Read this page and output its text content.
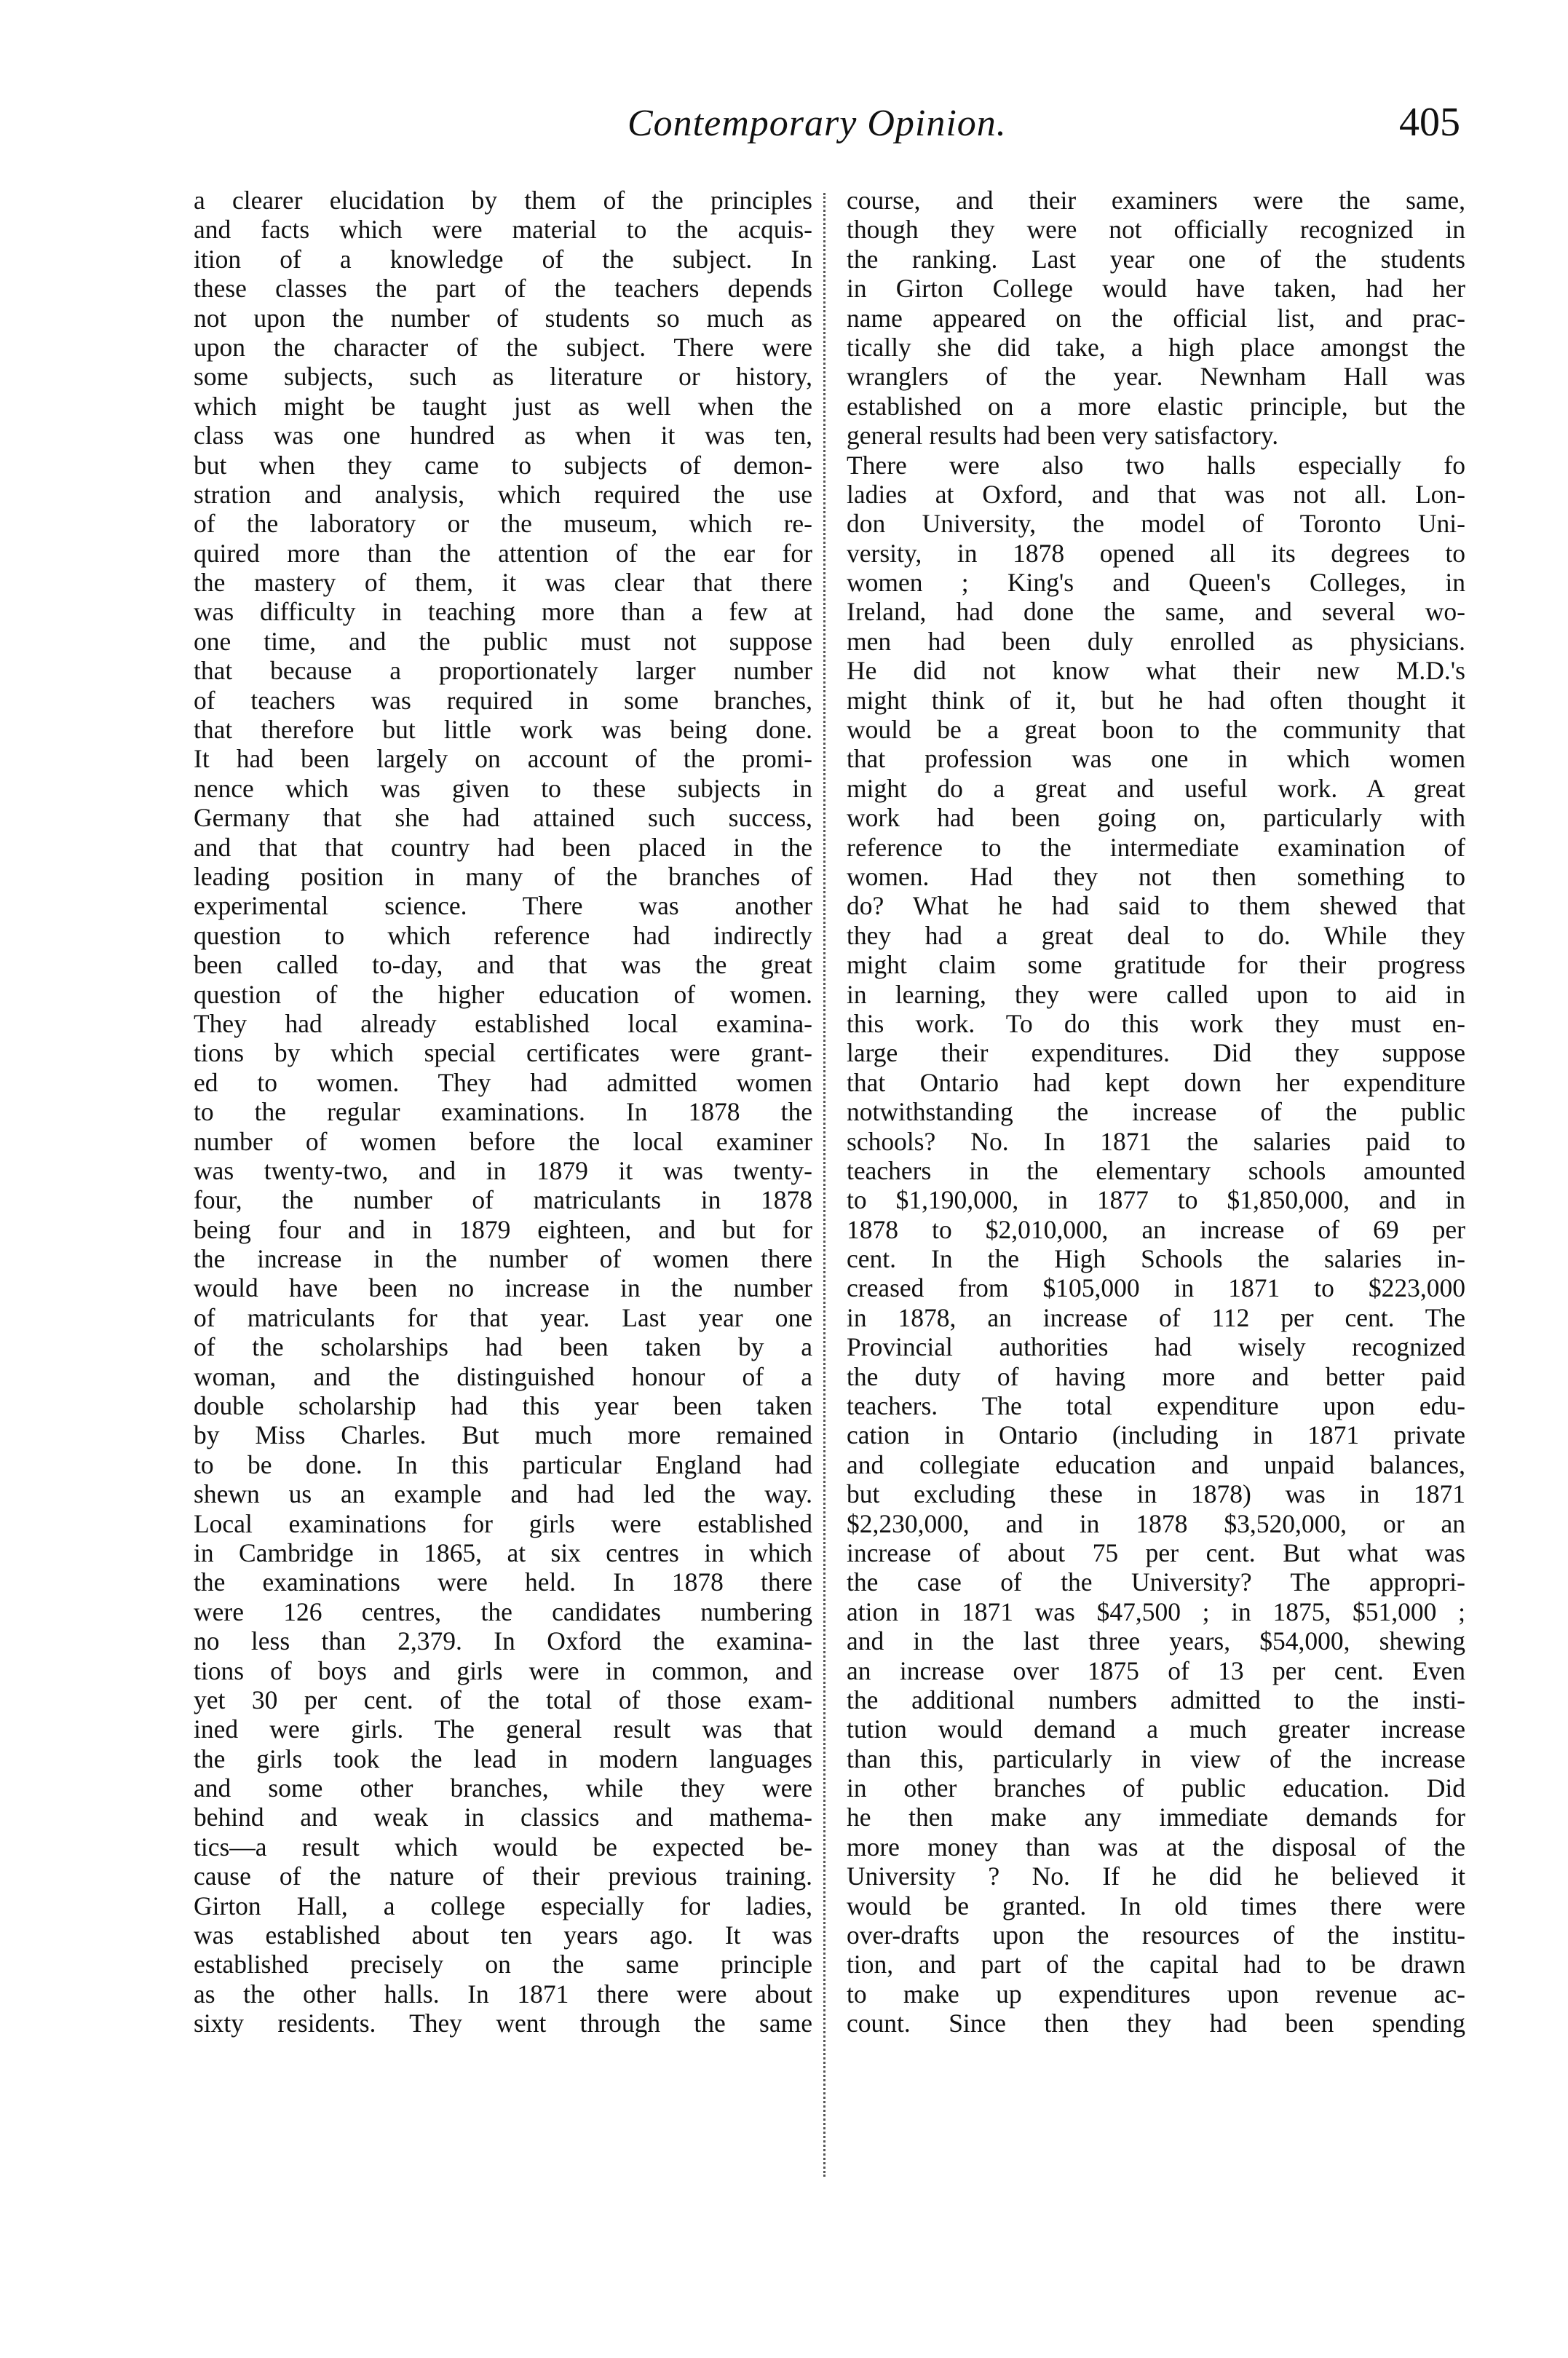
Contemporary Opinion.	405
a clearer elucidation by them of the principles
and facts which were material to the acquis-
ition of a knowledge of the subject. In
these classes the part of the teachers depends
not upon the number of students so much as
upon the character of the subject. There were
some subjects, such as literature or history,
which might be taught just as well when the
class was one hundred as when it was ten,
but when they came to subjects of demon-
stration and analysis, which required the use
of the laboratory or the museum, which re-
quired more than the attention of the ear for
the mastery of them, it was clear that there
was difficulty in teaching more than a few at
one time, and the public must not suppose
that because a proportionately larger number
of teachers was required in some branches,
that therefore but little work was being done.
It had been largely on account of the promi-
nence which was given to these subjects in
Germany that she had attained such success,
and that that country had been placed in the
leading position in many of the branches of
experimental science. There was another
question to which reference had indirectly
been called to-day, and that was the great
question of the higher education of women.
They had already established local examina-
tions by which special certificates were grant-
ed to women. They had admitted women
to the regular examinations. In 1878 the
number of women before the local examiner
was twenty-two, and in 1879 it was twenty-
four, the number of matriculants in 1878
being four and in 1879 eighteen, and but for
the increase in the number of women there
would have been no increase in the number
of matriculants for that year. Last year one
of the scholarships had been taken by a
woman, and the distinguished honour of a
double scholarship had this year been taken
by Miss Charles. But much more remained
to be done. In this particular England had
shewn us an example and had led the way.
Local examinations for girls were established
in Cambridge in 1865, at six centres in which
the examinations were held. In 1878 there
were 126 centres, the candidates numbering
no less than 2,379. In Oxford the examina-
tions of boys and girls were in common, and
yet 30 per cent. of the total of those exam-
ined were girls. The general result was that
the girls took the lead in modern languages
and some other branches, while they were
behind and weak in classics and mathema-
tics—a result which would be expected be-
cause of the nature of their previous training.
Girton Hall, a college especially for ladies,
was established about ten years ago. It was
established precisely on the same principle
as the other halls. In 1871 there were about
sixty residents. They went through the same
course, and their examiners were the same,
though they were not officially recognized in
the ranking. Last year one of the students
in Girton College would have taken, had her
name appeared on the official list, and prac-
tically she did take, a high place amongst the
wranglers of the year. Newnham Hall was
established on a more elastic principle, but the
general results had been very satisfactory.
There were also two halls especially fo
ladies at Oxford, and that was not all. Lon-
don University, the model of Toronto Uni-
versity, in 1878 opened all its degrees to
women ; King's and Queen's Colleges, in
Ireland, had done the same, and several wo-
men had been duly enrolled as physicians.
He did not know what their new M.D.'s
might think of it, but he had often thought it
would be a great boon to the community that
that profession was one in which women
might do a great and useful work. A great
work had been going on, particularly with
reference to the intermediate examination of
women. Had they not then something to
do? What he had said to them shewed that
they had a great deal to do. While they
might claim some gratitude for their progress
in learning, they were called upon to aid in
this work. To do this work they must en-
large their expenditures. Did they suppose
that Ontario had kept down her expenditure
notwithstanding the increase of the public
schools? No. In 1871 the salaries paid to
teachers in the elementary schools amounted
to $1,190,000, in 1877 to $1,850,000, and in
1878 to $2,010,000, an increase of 69 per
cent. In the High Schools the salaries in-
creased from $105,000 in 1871 to $223,000
in 1878, an increase of 112 per cent. The
Provincial authorities had wisely recognized
the duty of having more and better paid
teachers. The total expenditure upon edu-
cation in Ontario (including in 1871 private
and collegiate education and unpaid balances,
but excluding these in 1878) was in 1871
$2,230,000, and in 1878 $3,520,000, or an
increase of about 75 per cent. But what was
the case of the University? The appropri-
ation in 1871 was $47,500 ; in 1875, $51,000 ;
and in the last three years, $54,000, shewing
an increase over 1875 of 13 per cent. Even
the additional numbers admitted to the insti-
tution would demand a much greater increase
than this, particularly in view of the increase
in other branches of public education. Did
he then make any immediate demands for
more money than was at the disposal of the
University ? No. If he did he believed it
would be granted. In old times there were
over-drafts upon the resources of the institu-
tion, and part of the capital had to be drawn
to make up expenditures upon revenue ac-
count. Since then they had been spending
